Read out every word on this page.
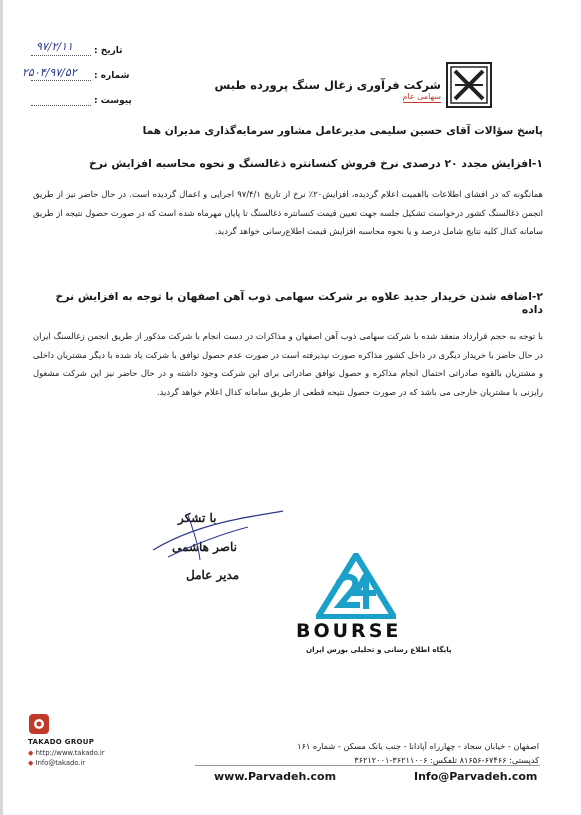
شرکت فرآوری زغال سنگ پرورده طبس
سهامی عام
تاریخ :
۹۷/۲/۱۱
شماره :
۲۵۰۴/۹۷/۵۲
پیوست :
پاسخ سؤالات آقای حسین سلیمی مدیرعامل مشاور سرمایه‌گذاری مدیران هما
۱-افزایش مجدد ۲۰ درصدی نرخ فروش کنسانتره ذغالسنگ و نحوه محاسبه افزایش نرخ
همانگونه که در افشای اطلاعات بااهمیت اعلام گردیده، افزایش۲۰٪ نرخ از تاریخ ۹۷/۴/۱ اجرایی و اعمال گردیده است. در حال حاضر نیز از طریق انجمن ذغالسنگ کشور درخواست تشکیل جلسه جهت تعیین قیمت کنسانتره ذغالسنگ تا پایان مهرماه شده است که در صورت حصول نتیجه از طریق سامانه کدال کلیه نتایج شامل درصد و یا نحوه محاسبه افزایش قیمت اطلاع‌رسانی خواهد گردید.
۲-اضافه شدن خریدار جدید علاوه بر شرکت سهامی ذوب آهن اصفهان با توجه به افزایش نرخ داده
با توجه به حجم قرارداد منعقد شده با شرکت سهامی ذوب آهن اصفهان و مذاکرات در دست انجام با شرکت مذکور از طریق انجمن زغالسنگ ایران در حال حاضر با خریدار دیگری در داخل کشور مذاکره صورت نپذیرفته است در صورت عدم حصول توافق با شرکت یاد شده با دیگر مشتریان داخلی و مشتریان بالقوه صادراتی احتمال انجام مذاکره و حصول توافق صادراتی برای این شرکت وجود داشته و در حال حاضر نیز این شرکت مشغول رایزنی با مشتریان خارجی می باشد که در صورت حصول نتیجه قطعی از طریق سامانه کدال اعلام خواهد گردید.
با تشکر
ناصر هاشمی
مدیر عامل
BOURSE
پایگاه اطلاع رسانی و تحلیلی بورس ایران
TAKADO GROUP
◆ http://www.takado.ir
◆ Info@takado.ir
اصفهان - خیابان سجاد - چهارراه آپادانا - جنب بانک مسکن - شماره ۱۶۱
کدپستی: ۶۷۴۶۶-۸۱۶۵۶ تلفکس: ۳۶۲۱۱۰۰۶-۳۶۲۱۲۰۰۱
www.Parvadeh.com	Info@Parvadeh.com
